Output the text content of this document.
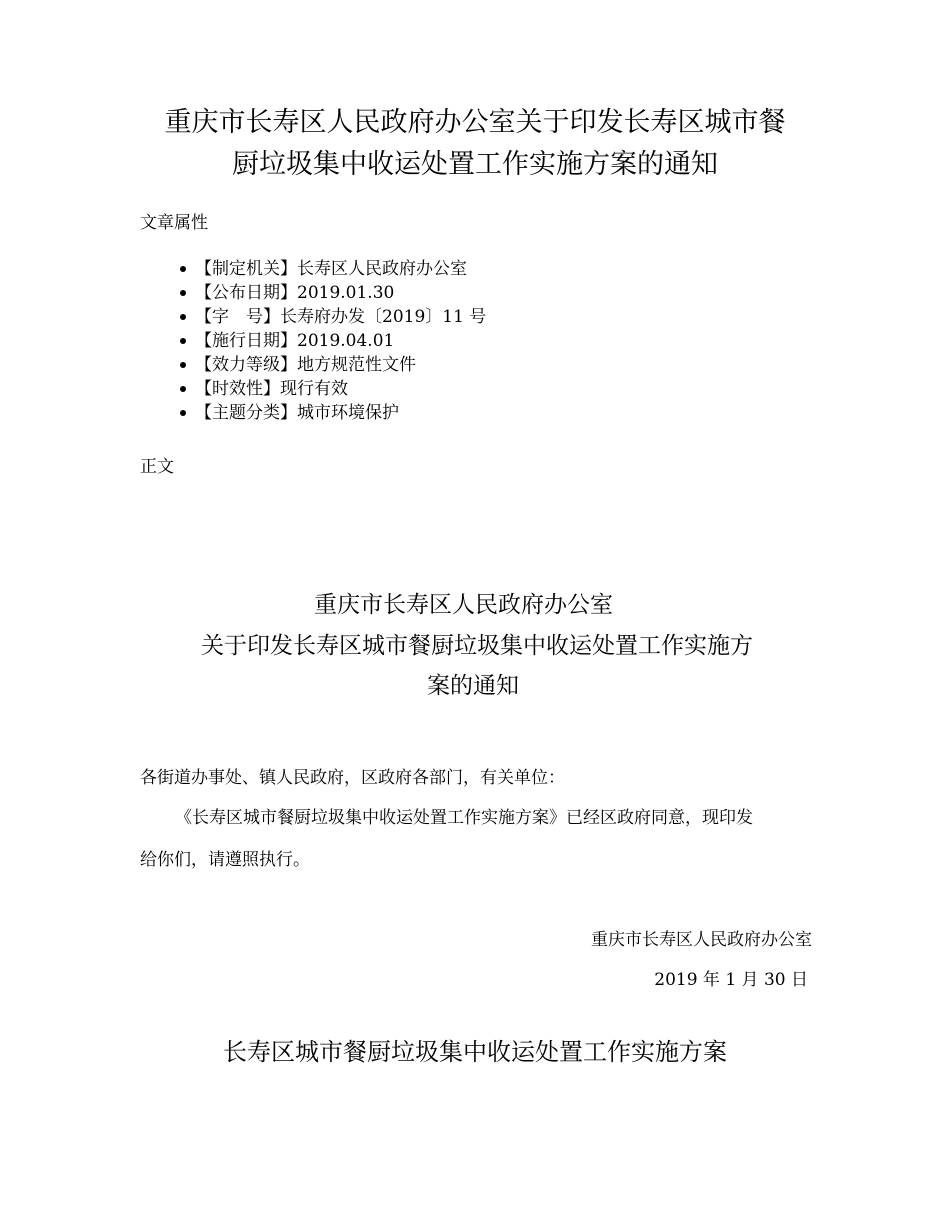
重庆市长寿区人民政府办公室关于印发长寿区城市餐
厨垃圾集中收运处置工作实施方案的通知
文章属性
【制定机关】长寿区人民政府办公室
【公布日期】2019.01.30
【字　号】长寿府办发〔2019〕11 号
【施行日期】2019.04.01
【效力等级】地方规范性文件
【时效性】现行有效
【主题分类】城市环境保护
正文
重庆市长寿区人民政府办公室
关于印发长寿区城市餐厨垃圾集中收运处置工作实施方
案的通知
各街道办事处、镇人民政府，区政府各部门，有关单位：
《长寿区城市餐厨垃圾集中收运处置工作实施方案》已经区政府同意，现印发
给你们，请遵照执行。
重庆市长寿区人民政府办公室
2019 年 1 月 30 日
长寿区城市餐厨垃圾集中收运处置工作实施方案
